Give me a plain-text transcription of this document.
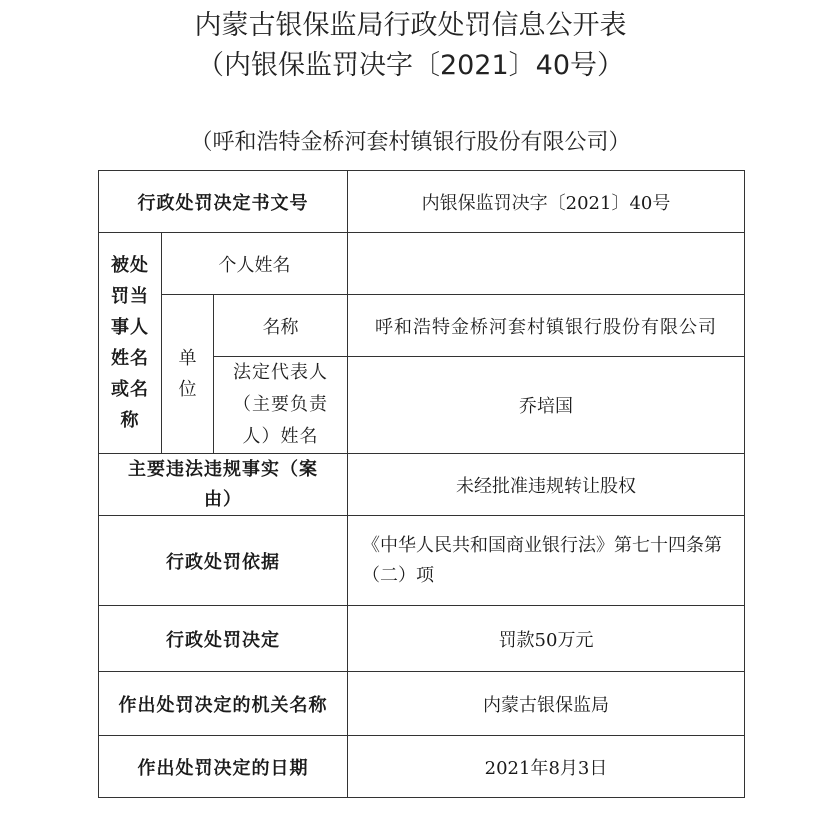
内蒙古银保监局行政处罚信息公开表
（内银保监罚决字〔2021〕40号）
（呼和浩特金桥河套村镇银行股份有限公司）
行政处罚决定书文号			内银保监罚决字〔2021〕40号

被处罚当事人姓名或名称	个人姓名		

	单位	名称	呼和浩特金桥河套村镇银行股份有限公司

		法定代表人（主要负责人）姓名	乔培国
主要违法违规事实（案由）			未经批准违规转让股权
行政处罚依据			《中华人民共和国商业银行法》第七十四条第（二）项

行政处罚决定			罚款50万元
作出处罚决定的机关名称			内蒙古银保监局
作出处罚决定的日期			2021年8月3日
